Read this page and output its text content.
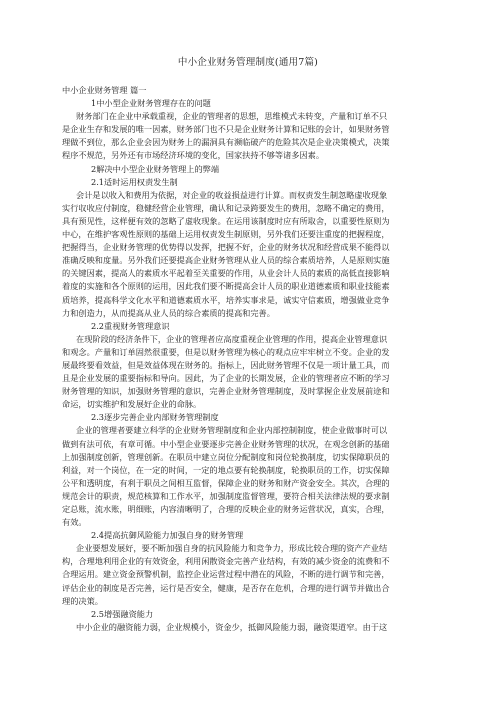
中小企业财务管理制度(通用7篇)
中小企业财务管理 篇一
1中小型企业财务管理存在的问题
财务部门在企业中承载重视，企业的管理者的思想，思维模式未转变，产量和订单不只
是企业生存和发展的唯一因素，财务部门也不只是企业财务计算和记账的会计，如果财务管
理做不到位，那么企业会因为财务上的漏洞具有濒临破产的危险其次是企业决策模式，决策
程序不规范，另外还有市场经济环境的变化，国家扶持不够等诸多因素。
2解决中小型企业财务管理上的弊端
2.1适时运用权责发生制
会计是以收入和费用为依据，对企业的收益损益进行计算。而权责发生制忽略虚收现象
实行収收应付制度，稳健经营企业管理，确认和记录跨要发生的费用，忽略不确定的费用，
具有预见性，这样便有效的忽略了虚收现象。在运用该制度时应有所取舍，以重要性原则为
中心，在维护客观性原则的基础上运用权责发生制原则，另外我们还要注重度的把握程度，
把握得当，企业财务管理的优势得以发挥，把握不好，企业的财务状况和经营成果不能得以
准确反映和度量。另外我们还要提高企业财务管理从业人员的综合素质培养，人是原则实施
的关键因素，提高人的素质水平起着至关重要的作用，从业会计人员的素质的高低直接影响
着度的实施和各个原则的运用，因此我们要不断提高会计人员的职业道德素质和职业技能素
质培养，提高科学文化水平和道德素质水平，培养实事求是，诚实守信素质，增强做业竞争
力和创造力，从而提高从业人员的综合素质的提高和完善。
2.2重视财务管理意识
在现阶段的经济条件下，企业的管理者应高度重视企业管理的作用，提高企业管理意识
和观念。产量和订单固然很重要，但是以财务管理为核心的观点应牢牢树立不变。企业的发
展最终要看效益，但是效益体现在财务的。指标上，因此财务管理不仅是一项计量工具，而
且是企业发展的重要指标和导向。因此，为了企业的长期发展，企业的管理者应不断的学习
财务管理的知识，加强财务管理的意识，完善企业财务管理制度，及时掌握企业发展前途和
命运，切实维护和发展好企业的命脉。
2.3逐步完善企业内部财务管理制度
企业的管理者要建立科学的企业财务管理制度和企业内部控制制度，使企业做事时可以
做到有法可依，有章可循。中小型企业要逐步完善企业财务管理的状况，在观念创新的基础
上加强制度创新，管理创新。在职员中建立岗位分配制度和岗位轮换制度，切实保障职员的
利益，对一个岗位，在一定的时间，一定的地点要有轮换制度，轮换职员的工作，切实保障
公平和透明度，有利于职员之间相互监督，保障企业的财务和财产资金安全。其次，合理的
规范会计的职责，规范核算和工作水平，加强制度监督管理，要符合相关法律法规的要求制
定总账，流水账，明细账，内容清晰明了，合理的反映企业的财务运营状况，真实，合理，
有效。
2.4提高抗御风险能力加强自身的财务管理
企业要想发展好，要不断加强自身的抗风险能力和竞争力，形成比较合理的资产产业结
构，合理地利用企业的有效资金，利用闲散资金完善产业结构，有效的减少资金的流费和不
合理运用。建立资金预警机制，监控企业运营过程中潜在的风险，不断的进行调节和完善，
评估企业的制度是否完善，运行是否安全，健康，是否存在危机，合理的进行调节并做出合
理的决策。
2.5增强融资能力
中小企业的融资能力弱，企业规模小，资金少，抵御风险能力弱，融资渠道窄。由于这
